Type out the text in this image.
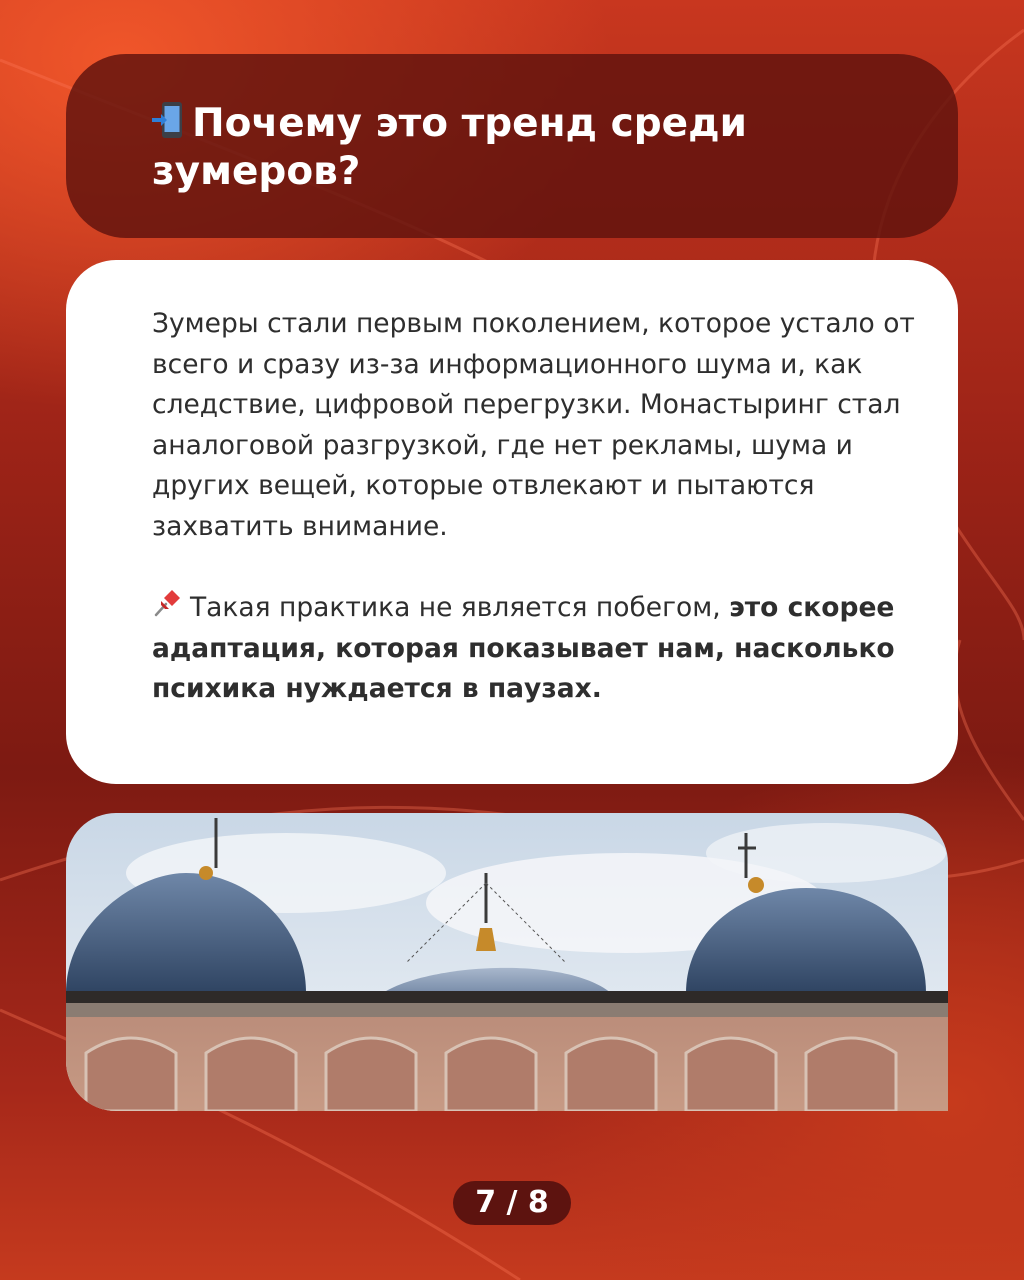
Почему это тренд среди зумеров?

Зумеры стали первым поколением, которое устало от всего и сразу из-за информационного шума и, как следствие, цифровой перегрузки. Монастыринг стал аналоговой разгрузкой, где нет рекламы, шума и других вещей, которые отвлекают и пытаются захватить внимание.

Такая практика не является побегом, это скорее адаптация, которая показывает нам, насколько психика нуждается в паузах.

7 / 8
